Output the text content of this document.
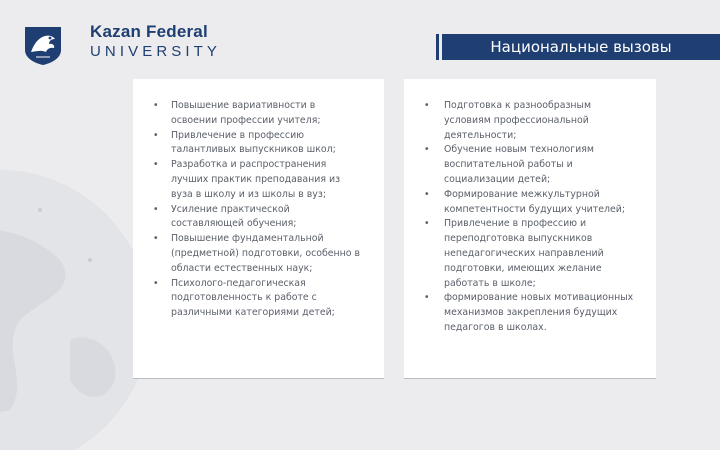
Kazan Federal
UNIVERSITY	Национальные вызовы
• Повышение вариативности в освоении профессии учителя;
• Привлечение в профессию талантливых выпускников школ;
• Разработка и распространения лучших практик преподавания из вуза в школу и из школы в вуз;
• Усиление практической составляющей обучения;
• Повышение фундаментальной (предметной) подготовки, особенно в области естественных наук;
• Психолого-педагогическая подготовленность к работе с различными категориями детей;
• Подготовка к разнообразным условиям профессиональной деятельности;
• Обучение новым технологиям воспитательной работы и социализации детей;
• Формирование межкультурной компетентности будущих учителей;
• Привлечение в профессию и переподготовка выпускников непедагогических направлений подготовки, имеющих желание работать в школе;
• формирование новых мотивационных механизмов закрепления будущих педагогов в школах.
